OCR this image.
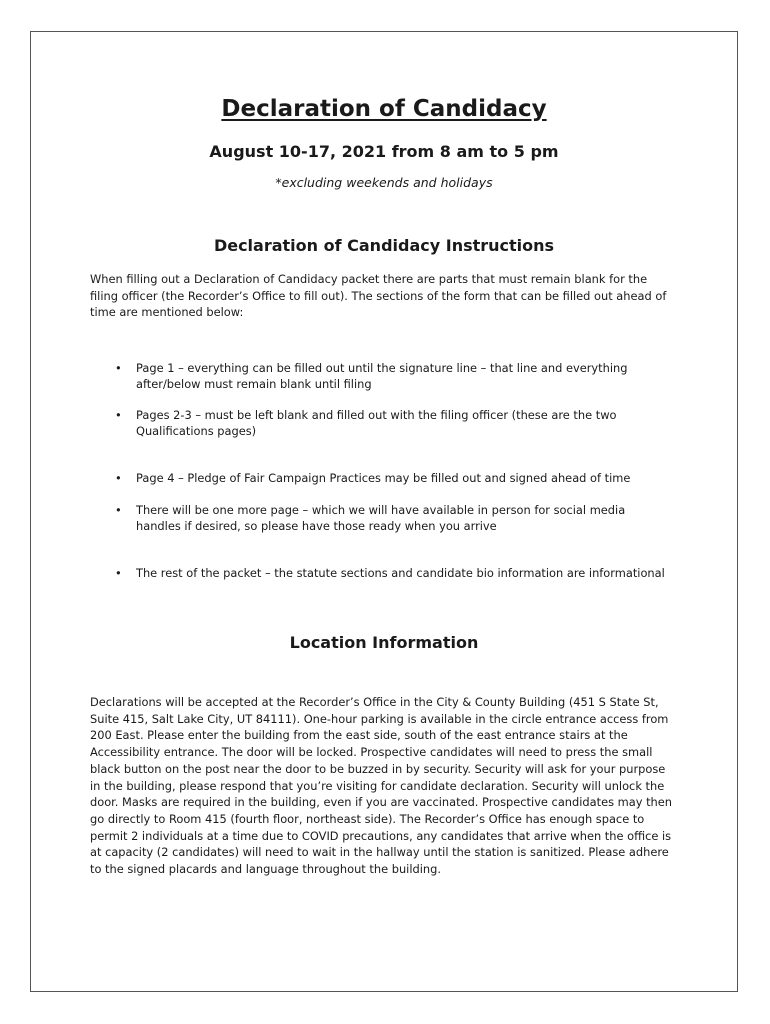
Declaration of Candidacy
August 10-17, 2021 from 8 am to 5 pm

*excluding weekends and holidays

Declaration of Candidacy Instructions

When filling out a Declaration of Candidacy packet there are parts that must remain blank for the filing officer (the Recorder’s Office to fill out). The sections of the form that can be filled out ahead of time are mentioned below:

• Page 1 – everything can be filled out until the signature line – that line and everything after/below must remain blank until filing
• Pages 2-3 – must be left blank and filled out with the filing officer (these are the two Qualifications pages)
• Page 4 – Pledge of Fair Campaign Practices may be filled out and signed ahead of time
• There will be one more page – which we will have available in person for social media handles if desired, so please have those ready when you arrive
• The rest of the packet – the statute sections and candidate bio information are informational
Location Information

Declarations will be accepted at the Recorder’s Office in the City & County Building (451 S State St, Suite 415, Salt Lake City, UT 84111). One-hour parking is available in the circle entrance access from 200 East. Please enter the building from the east side, south of the east entrance stairs at the Accessibility entrance. The door will be locked. Prospective candidates will need to press the small black button on the post near the door to be buzzed in by security. Security will ask for your purpose in the building, please respond that you’re visiting for candidate declaration. Security will unlock the door. Masks are required in the building, even if you are vaccinated. Prospective candidates may then go directly to Room 415 (fourth floor, northeast side). The Recorder’s Office has enough space to permit 2 individuals at a time due to COVID precautions, any candidates that arrive when the office is at capacity (2 candidates) will need to wait in the hallway until the station is sanitized. Please adhere to the signed placards and language throughout the building.
